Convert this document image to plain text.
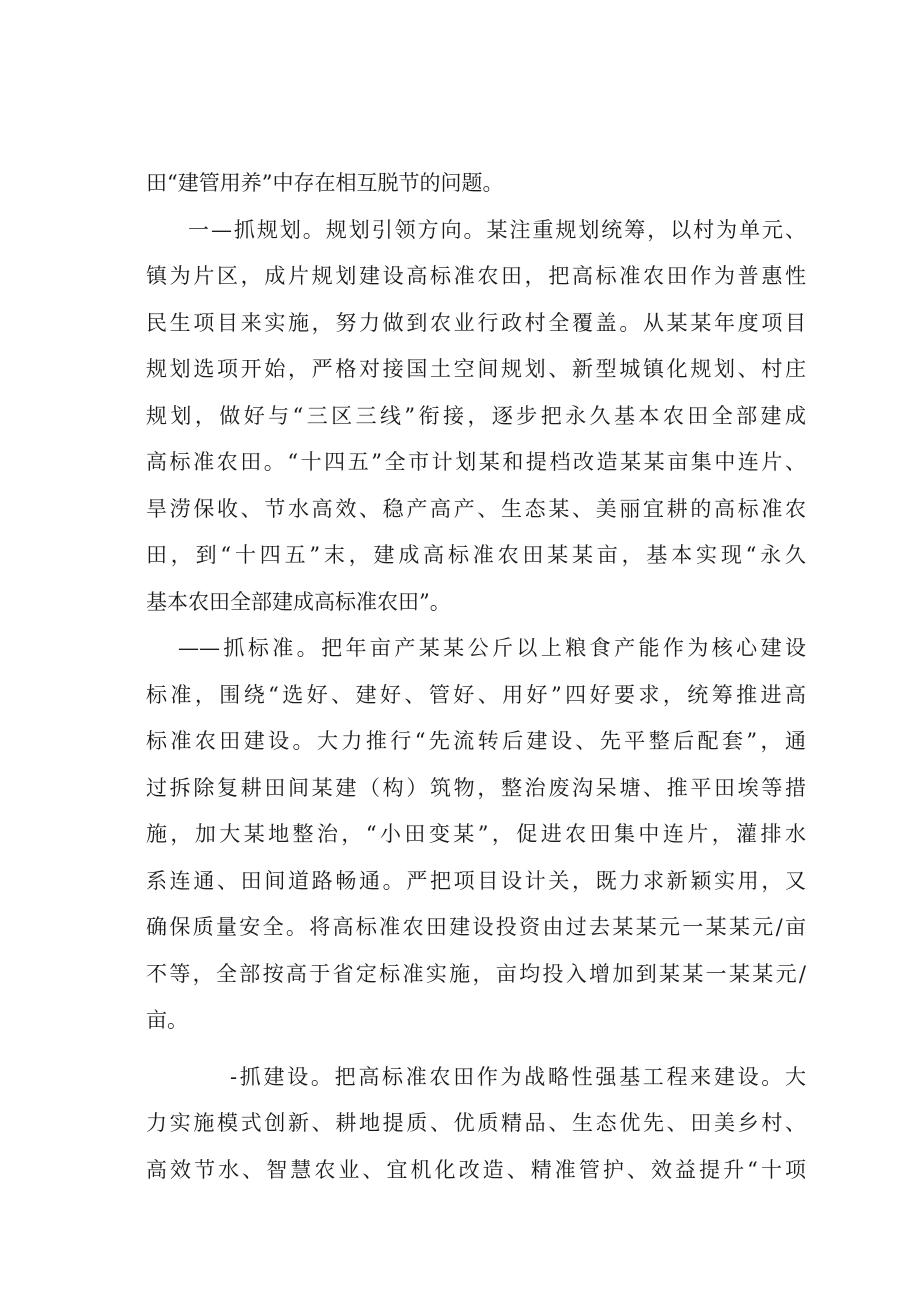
田“建管用养”中存在相互脱节的问题。
一—抓规划。规划引领方向。某注重规划统筹，以村为单元、
镇为片区，成片规划建设高标准农田，把高标准农田作为普惠性
民生项目来实施，努力做到农业行政村全覆盖。从某某年度项目
规划选项开始，严格对接国土空间规划、新型城镇化规划、村庄
规划，做好与“三区三线”衔接，逐步把永久基本农田全部建成
高标准农田。“十四五”全市计划某和提档改造某某亩集中连片、
旱涝保收、节水高效、稳产高产、生态某、美丽宜耕的高标准农
田，到“十四五”末，建成高标准农田某某亩，基本实现“永久
基本农田全部建成高标准农田”。
——抓标准。把年亩产某某公斤以上粮食产能作为核心建设
标准，围绕“选好、建好、管好、用好”四好要求，统筹推进高
标准农田建设。大力推行“先流转后建设、先平整后配套”，通
过拆除复耕田间某建（构）筑物，整治废沟呆塘、推平田埃等措
施，加大某地整治，“小田变某”，促进农田集中连片，灌排水
系连通、田间道路畅通。严把项目设计关，既力求新颖实用，又
确保质量安全。将高标准农田建设投资由过去某某元一某某元/亩
不等，全部按高于省定标准实施，亩均投入增加到某某一某某元/
亩。
-抓建设。把高标准农田作为战略性强基工程来建设。大
力实施模式创新、耕地提质、优质精品、生态优先、田美乡村、
高效节水、智慧农业、宜机化改造、精准管护、效益提升“十项
